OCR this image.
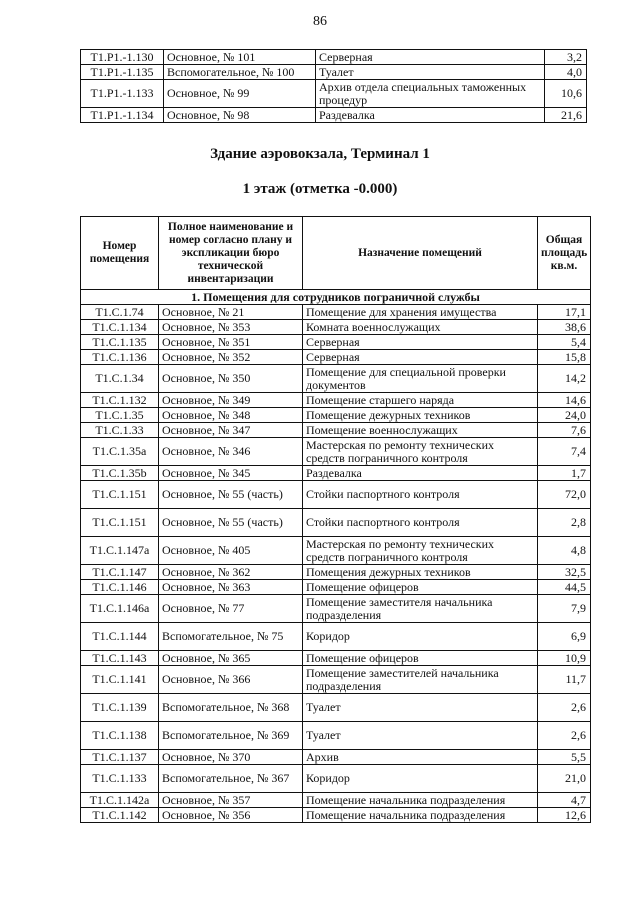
86
Т1.Р1.-1.130	Основное, № 101	Серверная	3,2
Т1.Р1.-1.135	Вспомогательное, № 100	Туалет	4,0
Т1.Р1.-1.133	Основное, № 99	Архив отдела специальных таможенных процедур	10,6
Т1.Р1.-1.134	Основное, № 98	Раздевалка	21,6
Здание аэровокзала, Терминал 1
1 этаж (отметка -0.000)
Номер помещения	Полное наименование и номер согласно плану и экспликации бюро технической инвентаризации	Назначение помещений	Общая площадь кв.м.
1. Помещения для сотрудников пограничной службы			
Т1.С.1.74	Основное, № 21	Помещение для хранения имущества	17,1
Т1.С.1.134	Основное, № 353	Комната военнослужащих	38,6
Т1.С.1.135	Основное, № 351	Серверная	5,4
Т1.С.1.136	Основное, № 352	Серверная	15,8
Т1.С.1.34	Основное, № 350	Помещение для специальной проверки документов	14,2
Т1.С.1.132	Основное, № 349	Помещение старшего наряда	14,6
Т1.С.1.35	Основное, № 348	Помещение дежурных техников	24,0
Т1.С.1.33	Основное, № 347	Помещение военнослужащих	7,6
Т1.С.1.35а	Основное, № 346	Мастерская по ремонту технических средств пограничного контроля	7,4
Т1.С.1.35b	Основное, № 345	Раздевалка	1,7
Т1.С.1.151	Основное, № 55 (часть)	Стойки паспортного контроля	72,0
Т1.С.1.151	Основное, № 55 (часть)	Стойки паспортного контроля	2,8
Т1.С.1.147а	Основное, № 405	Мастерская по ремонту технических средств пограничного контроля	4,8
Т1.С.1.147	Основное, № 362	Помещения дежурных техников	32,5
Т1.С.1.146	Основное, № 363	Помещение офицеров	44,5
Т1.С.1.146а	Основное, № 77	Помещение заместителя начальника подразделения	7,9
Т1.С.1.144	Вспомогательное, № 75	Коридор	6,9
Т1.С.1.143	Основное, № 365	Помещение офицеров	10,9
Т1.С.1.141	Основное, № 366	Помещение заместителей начальника подразделения	11,7
Т1.С.1.139	Вспомогательное, № 368	Туалет	2,6
Т1.С.1.138	Вспомогательное, № 369	Туалет	2,6
Т1.С.1.137	Основное, № 370	Архив	5,5
Т1.С.1.133	Вспомогательное, № 367	Коридор	21,0
Т1.С.1.142а	Основное, № 357	Помещение начальника подразделения	4,7
Т1.С.1.142	Основное, № 356	Помещение начальника подразделения	12,6
